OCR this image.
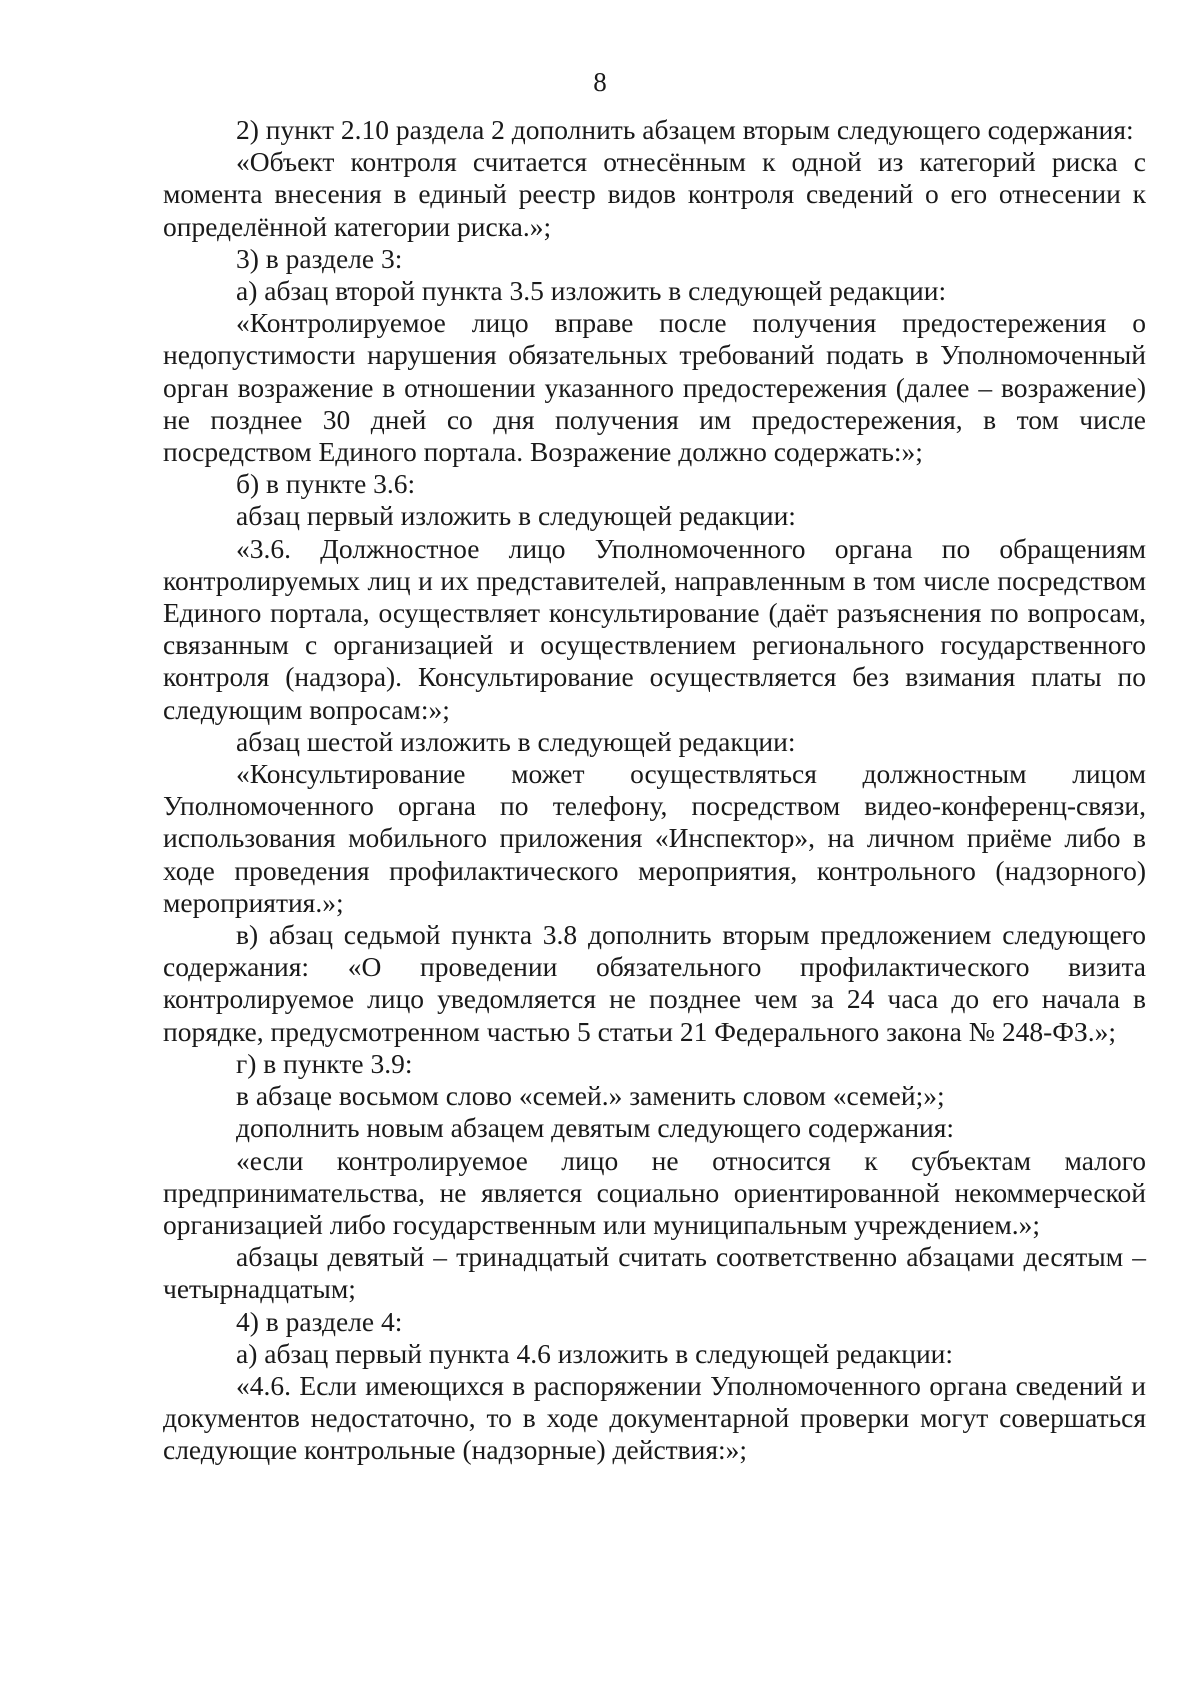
8

2) пункт 2.10 раздела 2 дополнить абзацем вторым следующего содержания:

«Объект контроля считается отнесённым к одной из категорий риска с момента внесения в единый реестр видов контроля сведений о его отнесении к определённой категории риска.»;

3) в разделе 3:

а) абзац второй пункта 3.5 изложить в следующей редакции:

«Контролируемое лицо вправе после получения предостережения о недопустимости нарушения обязательных требований подать в Уполномоченный орган возражение в отношении указанного предостережения (далее – возражение) не позднее 30 дней со дня получения им предостережения, в том числе посредством Единого портала. Возражение должно содержать:»;

б) в пункте 3.6:

абзац первый изложить в следующей редакции:

«3.6. Должностное лицо Уполномоченного органа по обращениям контролируемых лиц и их представителей, направленным в том числе посредством Единого портала, осуществляет консультирование (даёт разъяснения по вопросам, связанным с организацией и осуществлением регионального государственного контроля (надзора). Консультирование осуществляется без взимания платы по следующим вопросам:»;

абзац шестой изложить в следующей редакции:

«Консультирование может осуществляться должностным лицом Уполномоченного органа по телефону, посредством видео-конференц-связи, использования мобильного приложения «Инспектор», на личном приёме либо в ходе проведения профилактического мероприятия, контрольного (надзорного) мероприятия.»;

в) абзац седьмой пункта 3.8 дополнить вторым предложением следующего содержания: «О проведении обязательного профилактического визита контролируемое лицо уведомляется не позднее чем за 24 часа до его начала в порядке, предусмотренном частью 5 статьи 21 Федерального закона № 248-ФЗ.»;

г) в пункте 3.9:

в абзаце восьмом слово «семей.» заменить словом «семей;»;

дополнить новым абзацем девятым следующего содержания:

«если контролируемое лицо не относится к субъектам малого предпринимательства, не является социально ориентированной некоммерческой организацией либо государственным или муниципальным учреждением.»;

абзацы девятый – тринадцатый считать соответственно абзацами десятым – четырнадцатым;

4) в разделе 4:

а) абзац первый пункта 4.6 изложить в следующей редакции:

«4.6. Если имеющихся в распоряжении Уполномоченного органа сведений и документов недостаточно, то в ходе документарной проверки могут совершаться следующие контрольные (надзорные) действия:»;
